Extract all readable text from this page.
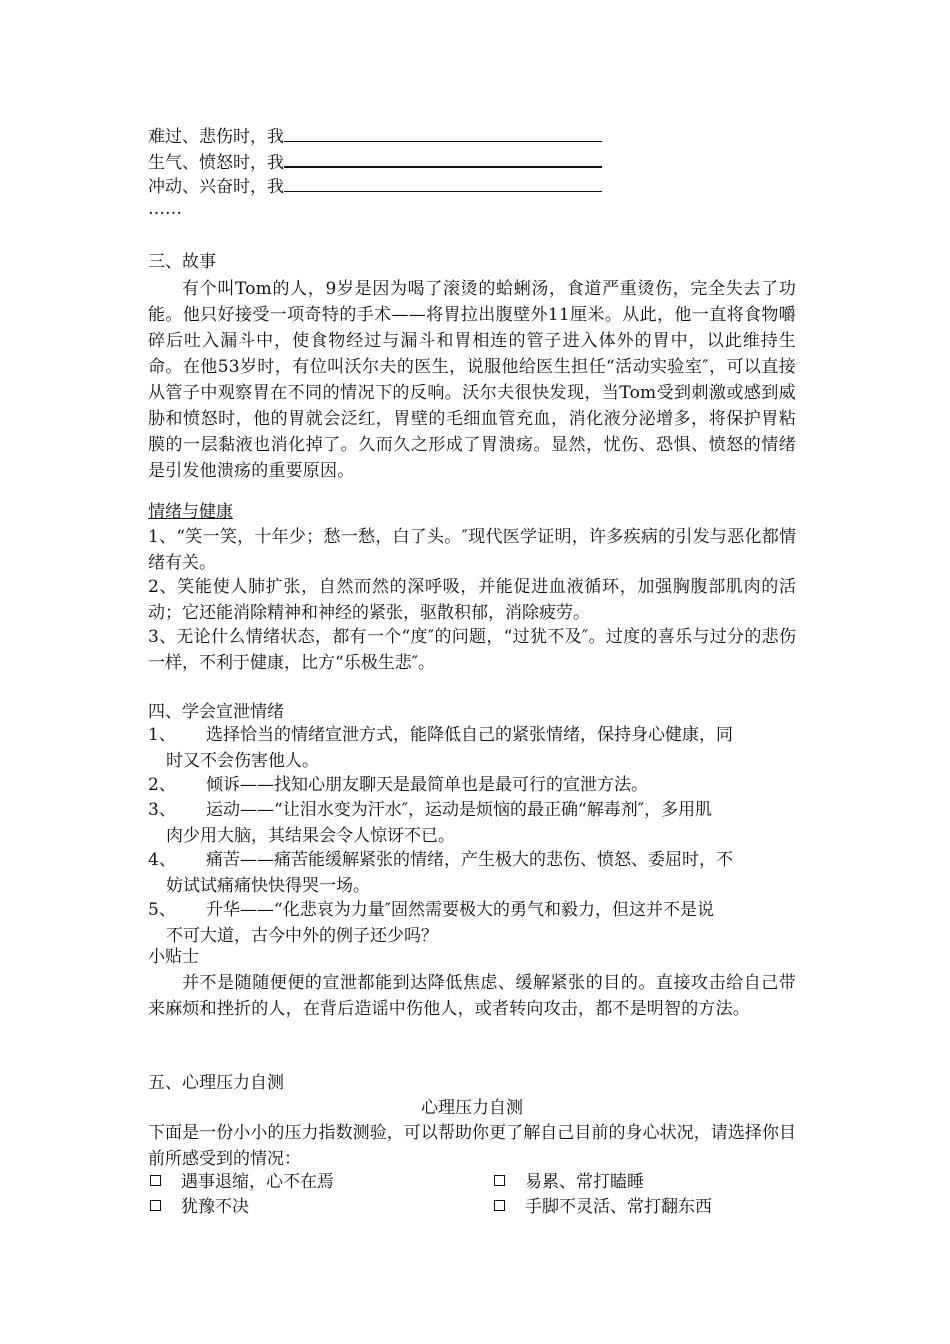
难过、悲伤时，我
生气、愤怒时，我
冲动、兴奋时，我
……
三、故事

有个叫Tom的人，9岁是因为喝了滚烫的蛤蜊汤，食道严重烫伤，完全失去了功能。他只好接受一项奇特的手术——将胃拉出腹壁外11厘米。从此，他一直将食物嚼碎后吐入漏斗中，使食物经过与漏斗和胃相连的管子进入体外的胃中，以此维持生命。在他53岁时，有位叫沃尔夫的医生，说服他给医生担任“活动实验室″，可以直接从管子中观察胃在不同的情况下的反响。沃尔夫很快发现，当Tom受到刺激或感到威胁和愤怒时，他的胃就会泛红，胃壁的毛细血管充血，消化液分泌增多，将保护胃粘膜的一层黏液也消化掉了。久而久之形成了胃溃疡。显然，忧伤、恐惧、愤怒的情绪是引发他溃疡的重要原因。

情绪与健康

1、“笑一笑，十年少；愁一愁，白了头。″现代医学证明，许多疾病的引发与恶化都情绪有关。

2、笑能使人肺扩张，自然而然的深呼吸，并能促进血液循环，加强胸腹部肌肉的活动；它还能消除精神和神经的紧张，驱散积郁，消除疲劳。

3、无论什么情绪状态，都有一个“度″的问题，“过犹不及″。过度的喜乐与过分的悲伤一样，不利于健康，比方“乐极生悲″。

四、学会宣泄情绪
1、	选择恰当的情绪宣泄方式，能降低自己的紧张情绪，保持身心健康，同
时又不会伤害他人。
2、	倾诉——找知心朋友聊天是最简单也是最可行的宣泄方法。
3、	运动——“让泪水变为汗水″，运动是烦恼的最正确“解毒剂″，多用肌
肉少用大脑，其结果会令人惊讶不已。
4、	痛苦——痛苦能缓解紧张的情绪，产生极大的悲伤、愤怒、委屈时，不
妨试试痛痛快快得哭一场。
5、	升华——“化悲哀为力量″固然需要极大的勇气和毅力，但这并不是说
不可大道，古今中外的例子还少吗？
小贴士

并不是随随便便的宣泄都能到达降低焦虑、缓解紧张的目的。直接攻击给自己带来麻烦和挫折的人，在背后造谣中伤他人，或者转向攻击，都不是明智的方法。

五、心理压力自测
心理压力自测

下面是一份小小的压力指数测验，可以帮助你更了解自己目前的身心状况，请选择你目前所感受到的情况：

遇事退缩，心不在焉	易累、常打瞌睡
犹豫不决	手脚不灵活、常打翻东西
